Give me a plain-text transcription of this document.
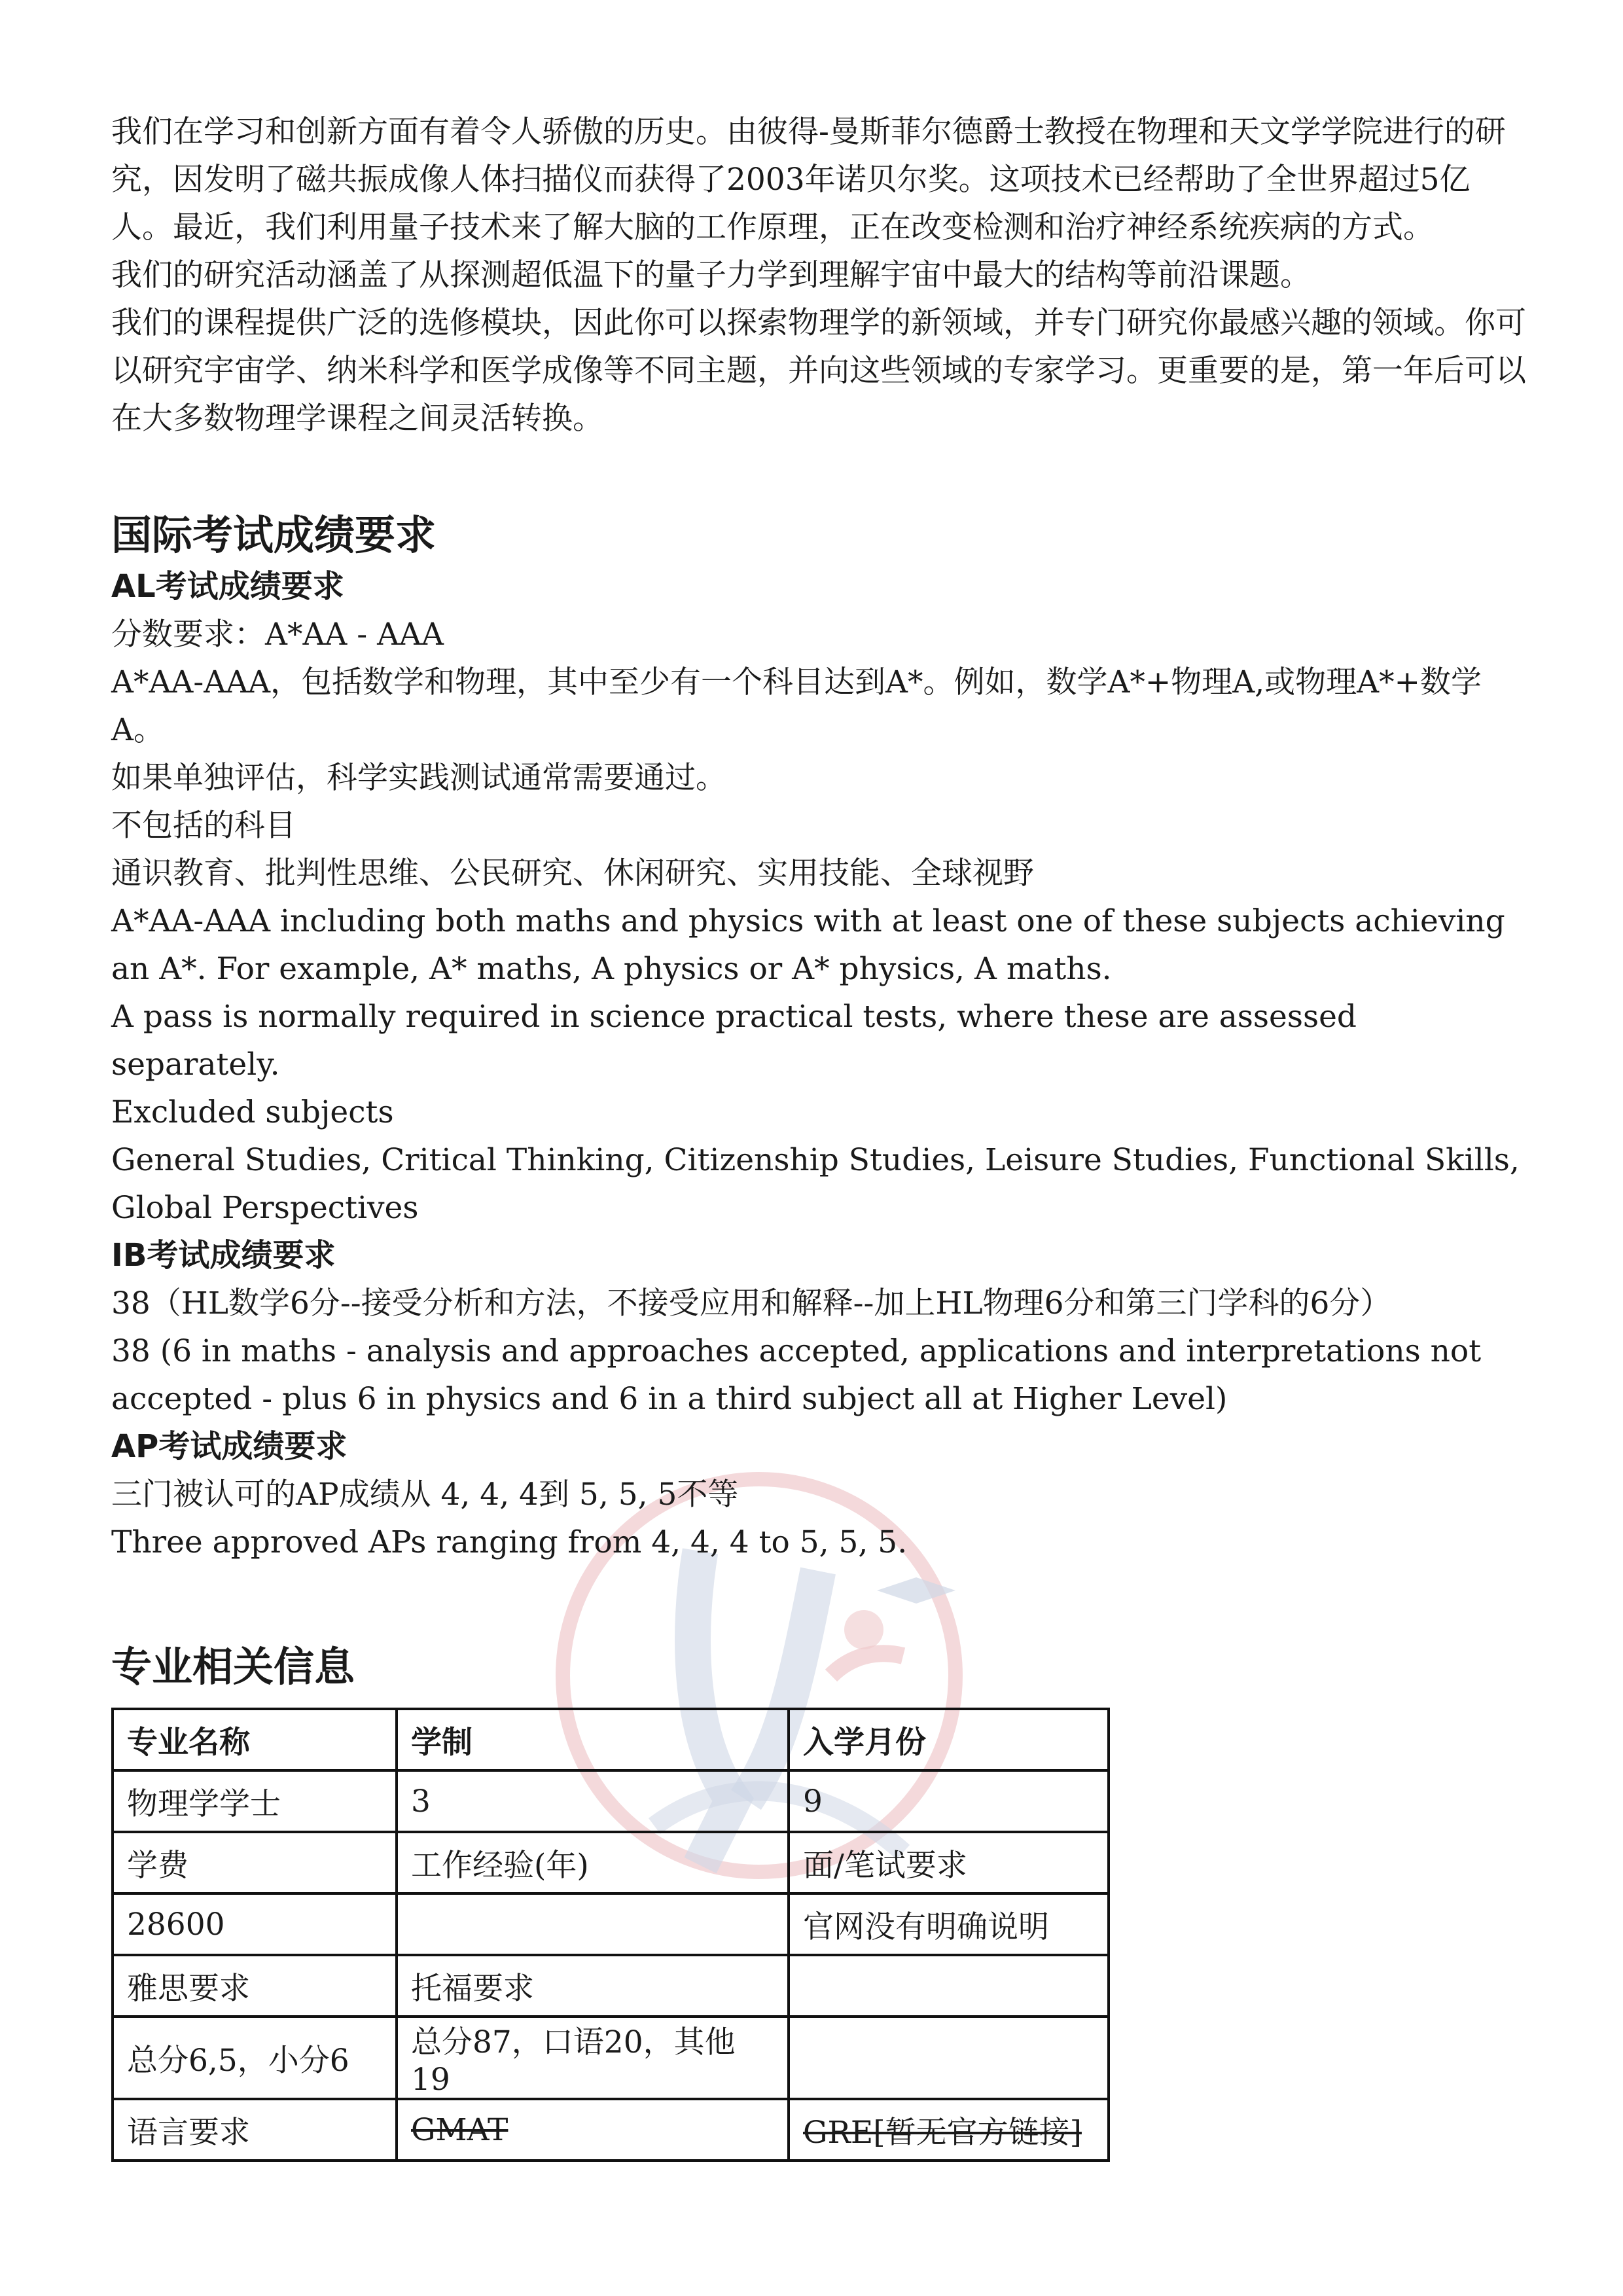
我们在学习和创新方面有着令人骄傲的历史。由彼得-曼斯菲尔德爵士教授在物理和天文学学院进行的研究，因发明了磁共振成像人体扫描仪而获得了2003年诺贝尔奖。这项技术已经帮助了全世界超过5亿人。最近，我们利用量子技术来了解大脑的工作原理，正在改变检测和治疗神经系统疾病的方式。

我们的研究活动涵盖了从探测超低温下的量子力学到理解宇宙中最大的结构等前沿课题。

我们的课程提供广泛的选修模块，因此你可以探索物理学的新领域，并专门研究你最感兴趣的领域。你可以研究宇宙学、纳米科学和医学成像等不同主题，并向这些领域的专家学习。更重要的是，第一年后可以在大多数物理学课程之间灵活转换。

国际考试成绩要求

AL考试成绩要求

分数要求：A*AA - AAA

A*AA-AAA，包括数学和物理，其中至少有一个科目达到A*。例如，数学A*+物理A,或物理A*+数学A。

如果单独评估，科学实践测试通常需要通过。

不包括的科目

通识教育、批判性思维、公民研究、休闲研究、实用技能、全球视野

A*AA-AAA including both maths and physics with at least one of these subjects achieving an A*. For example, A* maths, A physics or A* physics, A maths.

A pass is normally required in science practical tests, where these are assessed separately.

Excluded subjects

General Studies, Critical Thinking, Citizenship Studies, Leisure Studies, Functional Skills, Global Perspectives

IB考试成绩要求

38（HL数学6分--接受分析和方法，不接受应用和解释--加上HL物理6分和第三门学科的6分）

38 (6 in maths - analysis and approaches accepted, applications and interpretations not accepted - plus 6 in physics and 6 in a third subject all at Higher Level)

AP考试成绩要求

三门被认可的AP成绩从 4, 4, 4到 5, 5, 5不等

Three approved APs ranging from 4, 4, 4 to 5, 5, 5.

专业相关信息

专业名称	学制	入学月份
物理学学士	3	9
学费	工作经验(年)	面/笔试要求
28600		官网没有明确说明
雅思要求	托福要求	
总分6,5，小分6	总分87，口语20，其他19	
语言要求	GMAT	GRE[暂无官方链接]
